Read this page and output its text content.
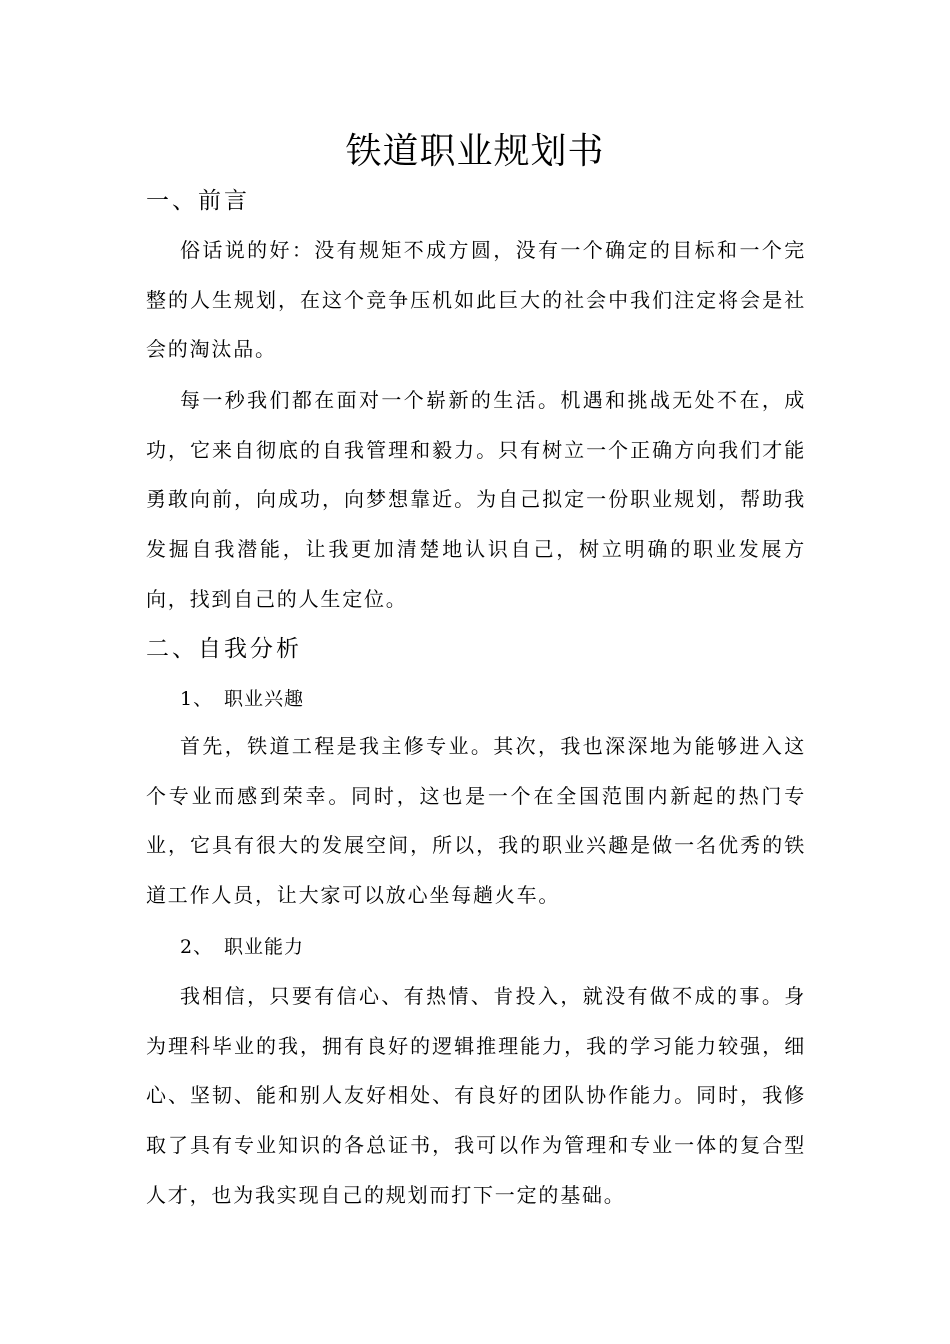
铁道职业规划书
一、前言
俗话说的好：没有规矩不成方圆，没有一个确定的目标和一个完整的人生规划，在这个竞争压机如此巨大的社会中我们注定将会是社会的淘汰品。
每一秒我们都在面对一个崭新的生活。机遇和挑战无处不在，成功，它来自彻底的自我管理和毅力。只有树立一个正确方向我们才能勇敢向前，向成功，向梦想靠近。为自己拟定一份职业规划，帮助我发掘自我潜能，让我更加清楚地认识自己，树立明确的职业发展方向，找到自己的人生定位。
二、自我分析
1、 职业兴趣
首先，铁道工程是我主修专业。其次，我也深深地为能够进入这个专业而感到荣幸。同时，这也是一个在全国范围内新起的热门专业，它具有很大的发展空间，所以，我的职业兴趣是做一名优秀的铁道工作人员，让大家可以放心坐每趟火车。
2、 职业能力
我相信，只要有信心、有热情、肯投入，就没有做不成的事。身为理科毕业的我，拥有良好的逻辑推理能力，我的学习能力较强，细心、坚韧、能和别人友好相处、有良好的团队协作能力。同时，我修取了具有专业知识的各总证书，我可以作为管理和专业一体的复合型人才，也为我实现自己的规划而打下一定的基础。
